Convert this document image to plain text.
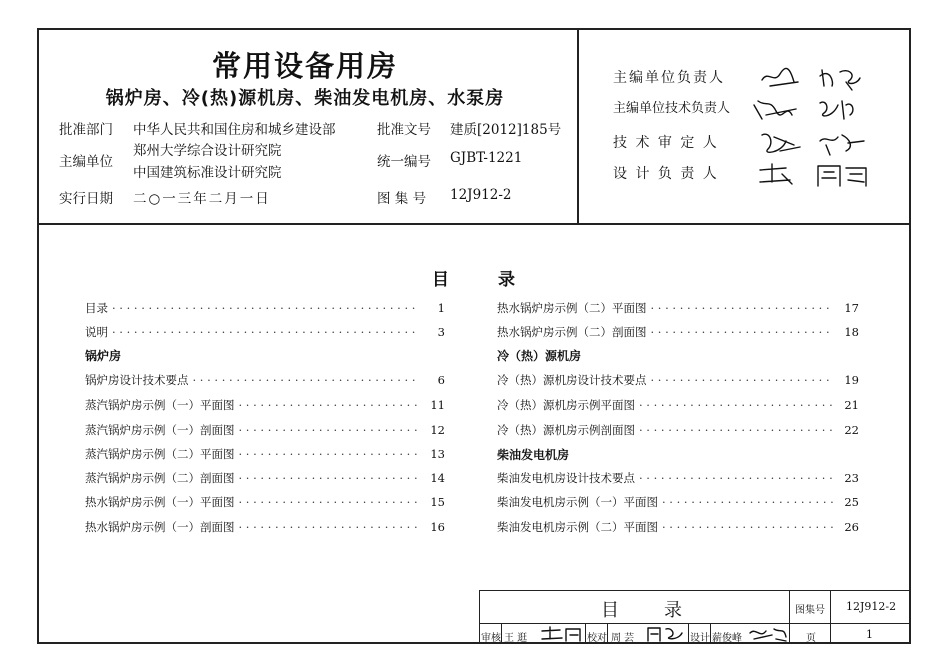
常用设备用房
锅炉房、冷(热)源机房、柴油发电机房、水泵房
批准部门 中华人民共和国住房和城乡建设部	批准文号 建质[2012]185号
主编单位
郑州大学综合设计研究院
中国建筑标准设计研究院
统一编号 GJBT-1221
实行日期 二○一三年二月一日	图 集 号 12J912-2
主编单位负责人
主编单位技术负责人
技 术 审 定 人
设 计 负 责 人
目	录
目录 · · ·	1
说明 · · ·	3
锅炉房
锅炉房设计技术要点 · · ·	6
蒸汽锅炉房示例（一）平面图 · · ·	11
蒸汽锅炉房示例（一）剖面图 · · ·	12
蒸汽锅炉房示例（二）平面图 · · ·	13
蒸汽锅炉房示例（二）剖面图 · · ·	14
热水锅炉房示例（一）平面图 · · ·	15
热水锅炉房示例（一）剖面图 · · ·	16
热水锅炉房示例（二）平面图 · · ·	17
热水锅炉房示例（二）剖面图 · · ·	18
冷（热）源机房
冷（热）源机房设计技术要点 · · ·	19
冷（热）源机房示例平面图 · · ·	21
冷（热）源机房示例剖面图 · · ·	22
柴油发电机房
柴油发电机房设计技术要点 · · ·	23
柴油发电机房示例（一）平面图 · · ·	25
柴油发电机房示例（二）平面图 · · ·	26
目	录	图集号 12J912-2
审核 王 逛	校对 周 芸	设计 薪俊峰	页	1
